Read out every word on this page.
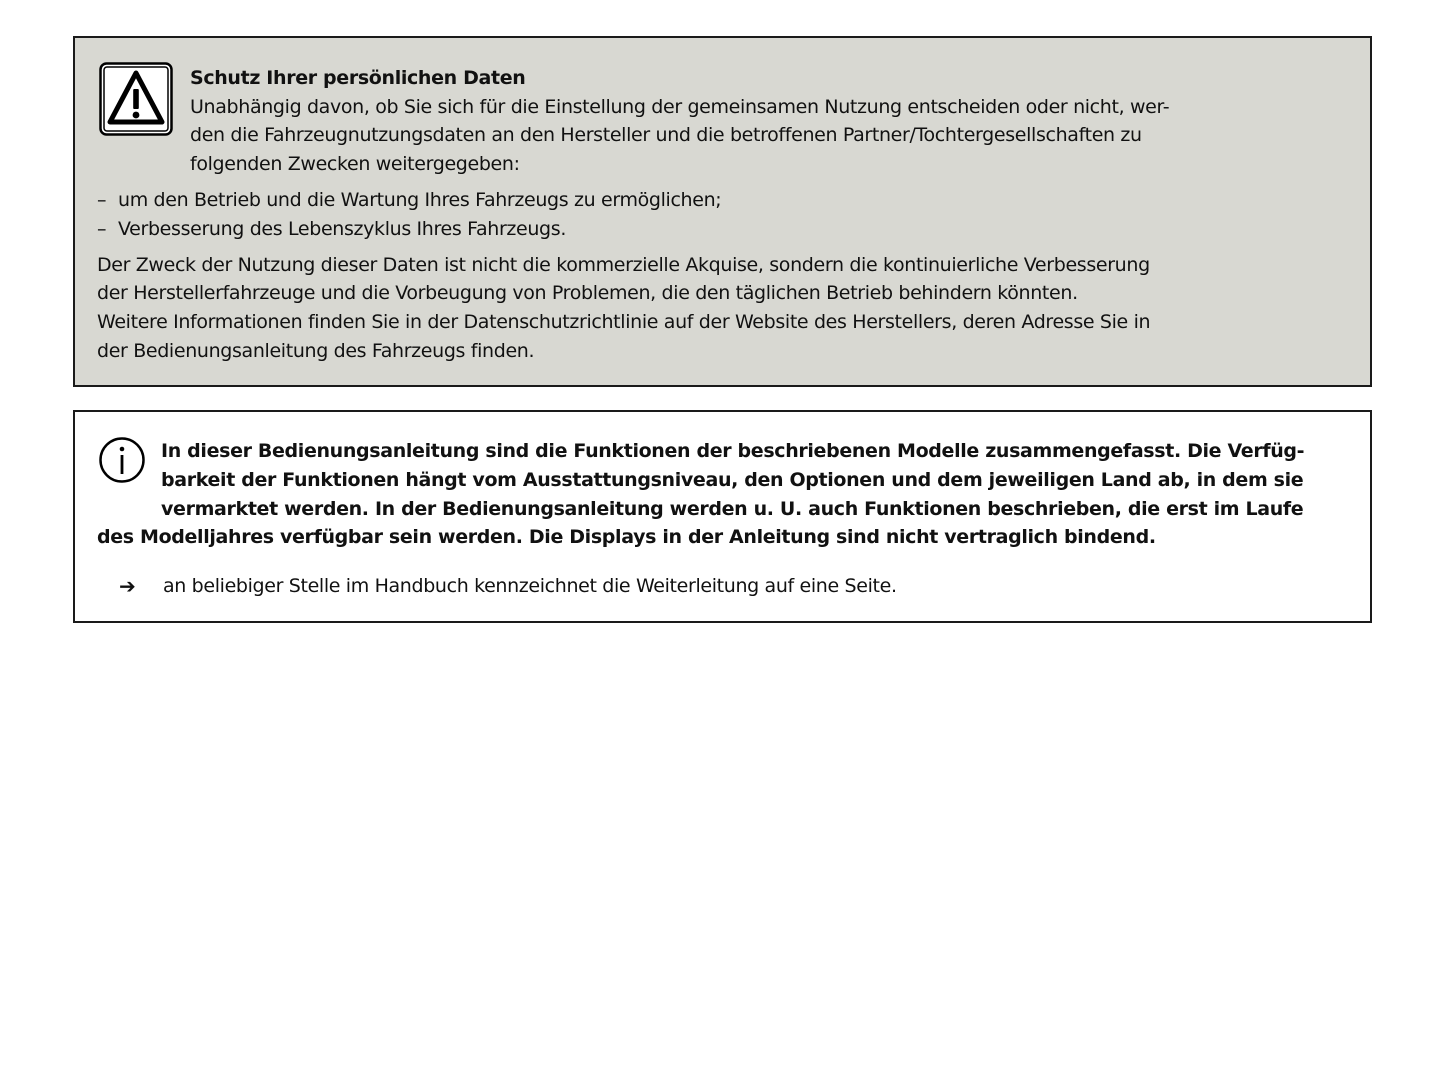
Schutz Ihrer persönlichen Daten
Unabhängig davon, ob Sie sich für die Einstellung der gemeinsamen Nutzung entscheiden oder nicht, wer-
den die Fahrzeugnutzungsdaten an den Hersteller und die betroffenen Partner/Tochtergesellschaften zu
folgenden Zwecken weitergegeben:
– um den Betrieb und die Wartung Ihres Fahrzeugs zu ermöglichen;
– Verbesserung des Lebenszyklus Ihres Fahrzeugs.
Der Zweck der Nutzung dieser Daten ist nicht die kommerzielle Akquise, sondern die kontinuierliche Verbesserung
der Herstellerfahrzeuge und die Vorbeugung von Problemen, die den täglichen Betrieb behindern könnten.
Weitere Informationen finden Sie in der Datenschutzrichtlinie auf der Website des Herstellers, deren Adresse Sie in
der Bedienungsanleitung des Fahrzeugs finden.
In dieser Bedienungsanleitung sind die Funktionen der beschriebenen Modelle zusammengefasst. Die Verfüg-
barkeit der Funktionen hängt vom Ausstattungsniveau, den Optionen und dem jeweiligen Land ab, in dem sie
vermarktet werden. In der Bedienungsanleitung werden u. U. auch Funktionen beschrieben, die erst im Laufe
des Modelljahres verfügbar sein werden. Die Displays in der Anleitung sind nicht vertraglich bindend.
➔ an beliebiger Stelle im Handbuch kennzeichnet die Weiterleitung auf eine Seite.
